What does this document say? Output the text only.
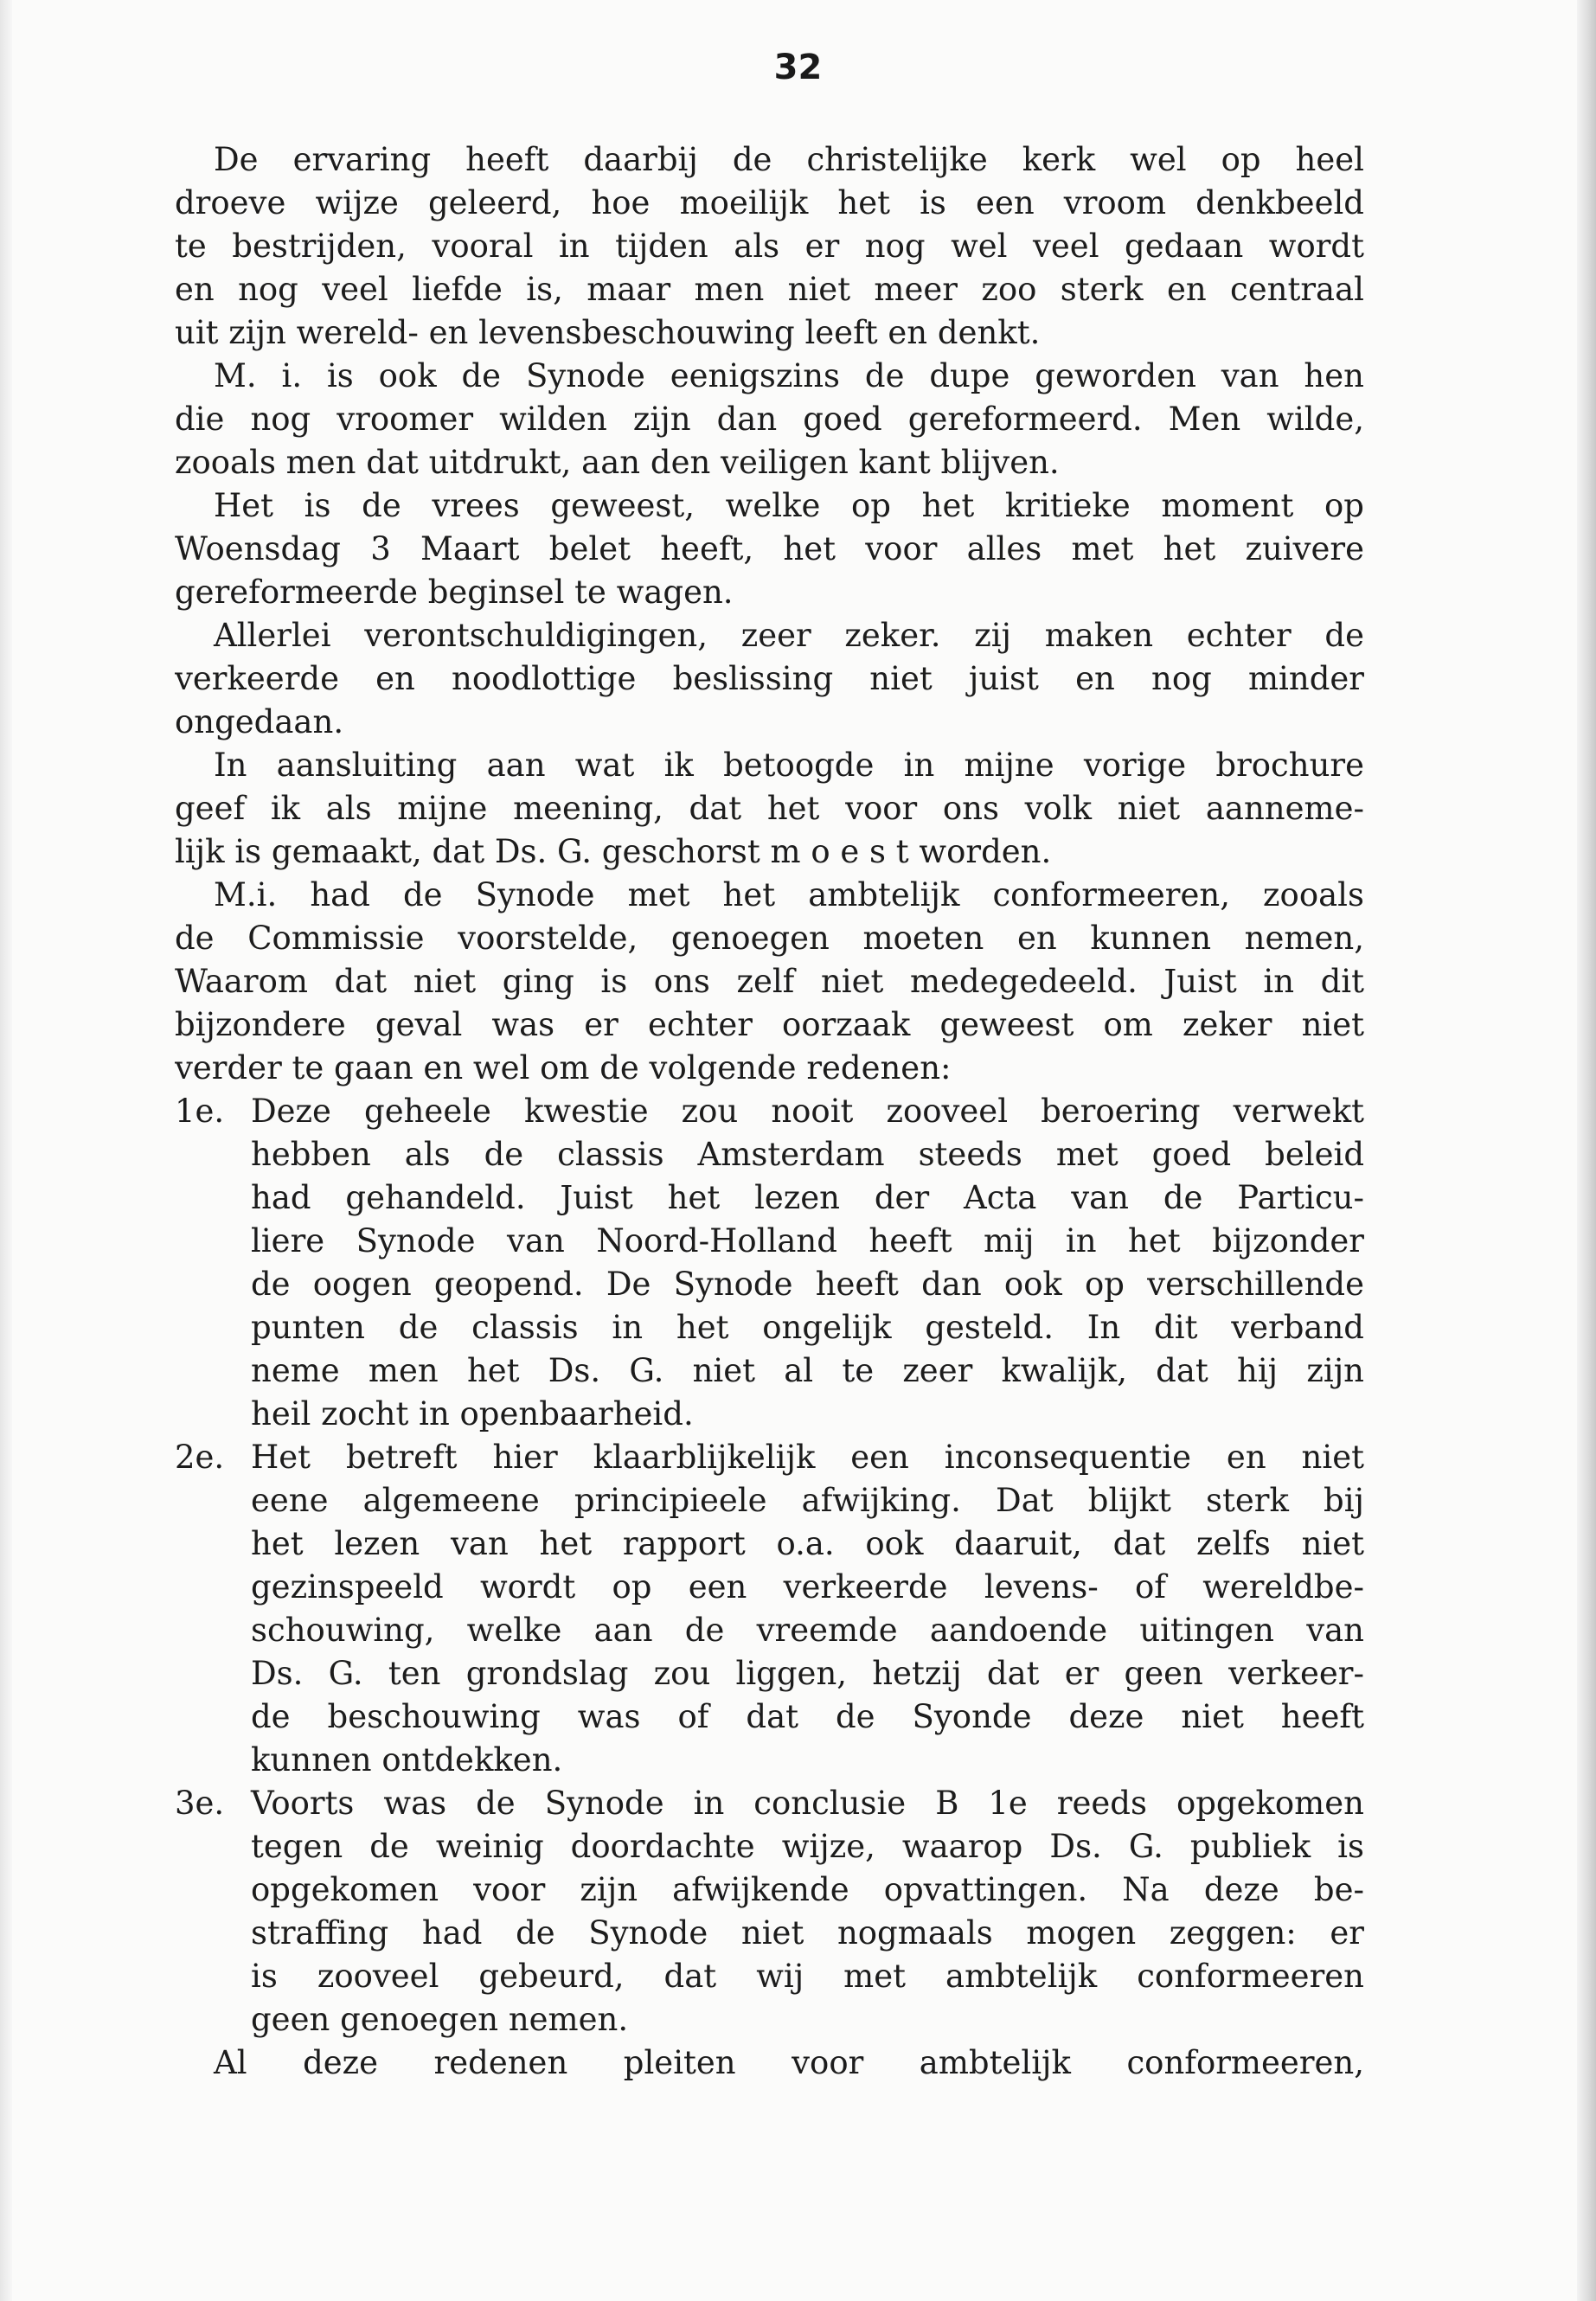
32
De ervaring heeft daarbij de christelijke kerk wel op heel
droeve wijze geleerd, hoe moeilijk het is een vroom denkbeeld
te bestrijden, vooral in tijden als er nog wel veel gedaan wordt
en nog veel liefde is, maar men niet meer zoo sterk en centraal
uit zijn wereld- en levensbeschouwing leeft en denkt.
M. i. is ook de Synode eenigszins de dupe geworden van hen
die nog vroomer wilden zijn dan goed gereformeerd. Men wilde,
zooals men dat uitdrukt, aan den veiligen kant blijven.
Het is de vrees geweest, welke op het kritieke moment op
Woensdag 3 Maart belet heeft, het voor alles met het zuivere
gereformeerde beginsel te wagen.
Allerlei verontschuldigingen, zeer zeker. zij maken echter de
verkeerde en noodlottige beslissing niet juist en nog minder
ongedaan.
In aansluiting aan wat ik betoogde in mijne vorige brochure
geef ik als mijne meening, dat het voor ons volk niet aanneme-
lijk is gemaakt, dat Ds. G. geschorst m o e s t worden.
M.i. had de Synode met het ambtelijk conformeeren, zooals
de Commissie voorstelde, genoegen moeten en kunnen nemen,
Waarom dat niet ging is ons zelf niet medegedeeld. Juist in dit
bijzondere geval was er echter oorzaak geweest om zeker niet
verder te gaan en wel om de volgende redenen:
1e. Deze geheele kwestie zou nooit zooveel beroering verwekt
hebben als de classis Amsterdam steeds met goed beleid
had gehandeld. Juist het lezen der Acta van de Particu-
liere Synode van Noord-Holland heeft mij in het bijzonder
de oogen geopend. De Synode heeft dan ook op verschillende
punten de classis in het ongelijk gesteld. In dit verband
neme men het Ds. G. niet al te zeer kwalijk, dat hij zijn
heil zocht in openbaarheid.
2e. Het betreft hier klaarblijkelijk een inconsequentie en niet
eene algemeene principieele afwijking. Dat blijkt sterk bij
het lezen van het rapport o.a. ook daaruit, dat zelfs niet
gezinspeeld wordt op een verkeerde levens- of wereldbe-
schouwing, welke aan de vreemde aandoende uitingen van
Ds. G. ten grondslag zou liggen, hetzij dat er geen verkeer-
de beschouwing was of dat de Syonde deze niet heeft
kunnen ontdekken.
3e. Voorts was de Synode in conclusie B 1e reeds opgekomen
tegen de weinig doordachte wijze, waarop Ds. G. publiek is
opgekomen voor zijn afwijkende opvattingen. Na deze be-
straffing had de Synode niet nogmaals mogen zeggen: er
is zooveel gebeurd, dat wij met ambtelijk conformeeren
geen genoegen nemen.
Al deze redenen pleiten voor ambtelijk conformeeren,
